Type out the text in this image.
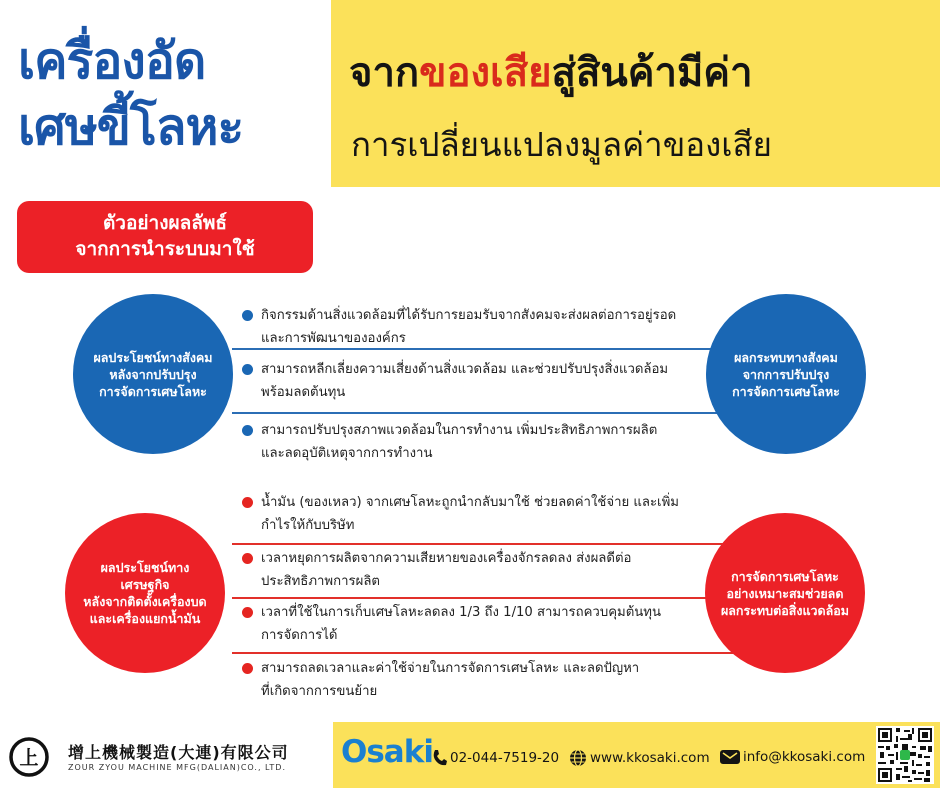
เครื่องอัด
เศษขี้โลหะ
จากของเสียสู่สินค้ามีค่า
การเปลี่ยนแปลงมูลค่าของเสีย
ตัวอย่างผลลัพธ์
จากการนำระบบมาใช้
ผลประโยชน์ทางสังคม
หลังจากปรับปรุง
การจัดการเศษโลหะ
ผลกระทบทางสังคม
จากการปรับปรุง
การจัดการเศษโลหะ
กิจกรรมด้านสิ่งแวดล้อมที่ได้รับการยอมรับจากสังคมจะส่งผลต่อการอยู่รอด
และการพัฒนาขององค์กร
สามารถหลีกเลี่ยงความเสี่ยงด้านสิ่งแวดล้อม และช่วยปรับปรุงสิ่งแวดล้อม
พร้อมลดต้นทุน
สามารถปรับปรุงสภาพแวดล้อมในการทำงาน เพิ่มประสิทธิภาพการผลิต
และลดอุบัติเหตุจากการทำงาน
ผลประโยชน์ทางเศรษฐกิจ
หลังจากติดตั้งเครื่องบด
และเครื่องแยกน้ำมัน
การจัดการเศษโลหะ
อย่างเหมาะสมช่วยลด
ผลกระทบต่อสิ่งแวดล้อม
น้ำมัน (ของเหลว) จากเศษโลหะถูกนำกลับมาใช้ ช่วยลดค่าใช้จ่าย และเพิ่ม
กำไรให้กับบริษัท
เวลาหยุดการผลิตจากความเสียหายของเครื่องจักรลดลง ส่งผลดีต่อ
ประสิทธิภาพการผลิต
เวลาที่ใช้ในการเก็บเศษโลหะลดลง 1/3 ถึง 1/10 สามารถควบคุมต้นทุน
การจัดการได้
สามารถลดเวลาและค่าใช้จ่ายในการจัดการเศษโลหะ และลดปัญหา
ที่เกิดจากการขนย้าย
上 增上機械製造(大連)有限公司
ZOUR ZYOU MACHINE MFG(DALIAN)CO., LTD. Osaki 02-044-7519-20 www.kkosaki.com info@kkosaki.com
